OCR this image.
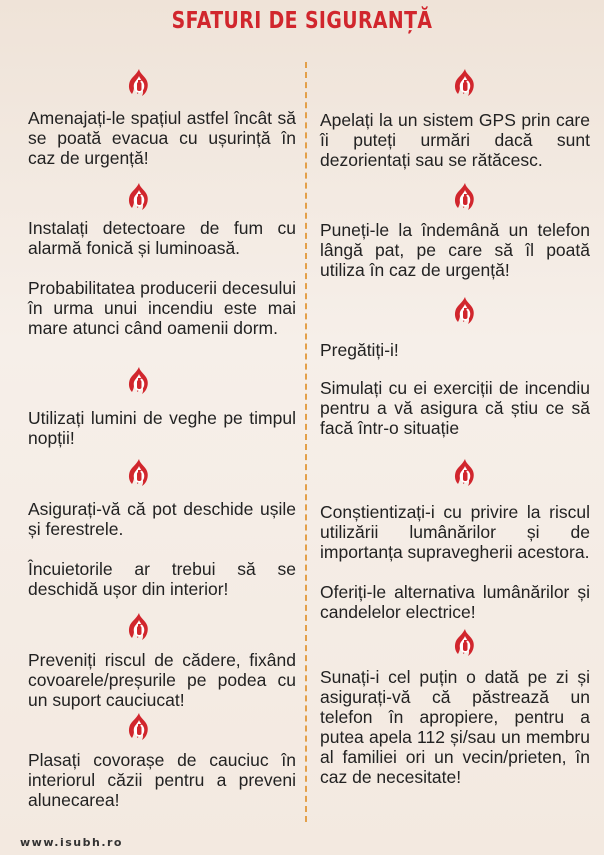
SFATURI DE SIGURANȚĂ
Amenajați-le spațiul astfel încât să se poată evacua cu ușurință în caz de urgență!
Instalați detectoare de fum cu alarmă fonică și luminoasă.
Probabilitatea producerii decesului în urma unui incendiu este mai mare atunci când oamenii dorm.
Utilizați lumini de veghe pe timpul nopții!
Asigurați-vă că pot deschide ușile și ferestrele.
Încuietorile ar trebui să se deschidă ușor din interior!
Preveniți riscul de cădere, fixând covoarele/preșurile pe podea cu un suport cauciucat!
Plasați covorașe de cauciuc în interiorul căzii pentru a preveni alunecarea!
Apelați la un sistem GPS prin care îi puteți urmări dacă sunt dezorientați sau se rătăcesc.
Puneți-le la îndemână un telefon lângă pat, pe care să îl poată utiliza în caz de urgență!
Pregătiți-i!
Simulați cu ei exerciții de incendiu pentru a vă asigura că știu ce să facă într-o situație
Conștientizați-i cu privire la riscul utilizării lumânărilor și de importanța supravegherii acestora.
Oferiți-le alternativa lumânărilor și candelelor electrice!
Sunați-i cel puțin o dată pe zi și asigurați-vă că păstrează un telefon în apropiere, pentru a putea apela 112 și/sau un membru al familiei ori un vecin/prieten, în caz de necesitate!
www.isubh.ro
